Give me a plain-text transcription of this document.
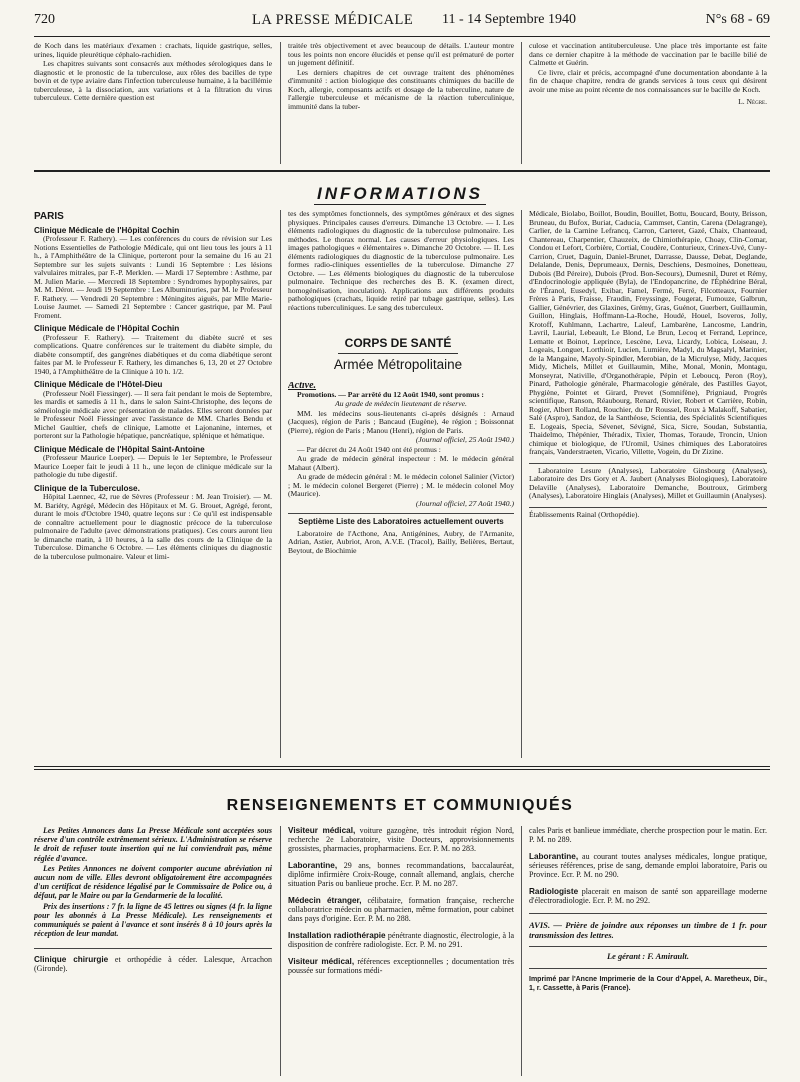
720	LA PRESSE MÉDICALE 11 - 14 Septembre 1940	N°s 68 - 69

de Koch dans les matériaux d'examen : crachats, liquide gastrique, selles, urines, liquide pleurétique céphalo-rachidien.

Les chapitres suivants sont consacrés aux méthodes sérologiques dans le diagnostic et le pronostic de la tuberculose, aux rôles des bacilles de type bovin et de type aviaire dans l'infection tuberculeuse humaine, à la bacillémie tuberculeuse, à la dissociation, aux variations et à la filtration du virus tuberculeux. Cette dernière question est

traitée très objectivement et avec beaucoup de détails. L'auteur montre tous les points non encore élucidés et pense qu'il est prématuré de porter un jugement définitif.

Les derniers chapitres de cet ouvrage traitent des phénomènes d'immunité : action biologique des constituants chimiques du bacille de Koch, allergie, composants actifs et dosage de la tuberculine, nature de l'allergie tuberculeuse et mécanisme de la réaction tuberculinique, immunité dans la tuber-

culose et vaccination antituberculeuse. Une place très importante est faite dans ce dernier chapitre à la méthode de vaccination par le bacille bilié de Calmette et Guérin.

Ce livre, clair et précis, accompagné d'une documentation abondante à la fin de chaque chapitre, rendra de grands services à tous ceux qui désirent avoir une mise au point récente de nos connaissances sur le bacille de Koch.

L. Nègre.

INFORMATIONS
PARIS
Clinique Médicale de l'Hôpital Cochin

(Professeur F. Rathery). — Les conférences du cours de révision sur Les Notions Essentielles de Pathologie Médicale, qui ont lieu tous les jours à 11 h., à l'Amphithéâtre de la Clinique, porteront pour la semaine du 16 au 21 Septembre sur les sujets suivants : Lundi 16 Septembre : Les lésions valvulaires mitrales, par F.-P. Merklen. — Mardi 17 Septembre : Asthme, par M. Julien Marie. — Mercredi 18 Septembre : Syndromes hypophysaires, par M. M. Dérot. — Jeudi 19 Septembre : Les Albuminuries, par M. le Professeur F. Rathery. — Vendredi 20 Septembre : Méningites aiguës, par Mlle Marie-Louise Jaumet. — Samedi 21 Septembre : Cancer gastrique, par M. Paul Froment.

Clinique Médicale de l'Hôpital Cochin

(Professeur F. Rathery). — Traitement du diabète sucré et ses complications. Quatre conférences sur le traitement du diabète simple, du diabète consomptif, des gangrènes diabétiques et du coma diabétique seront faites par M. le Professeur F. Rathery, les dimanches 6, 13, 20 et 27 Octobre 1940, à l'Amphithéâtre de la Clinique à 10 h. 1/2.

Clinique Médicale de l'Hôtel-Dieu

(Professeur Noël Fiessinger). — Il sera fait pendant le mois de Septembre, les mardis et samedis à 11 h., dans le salon Saint-Christophe, des leçons de séméiologie médicale avec présentation de malades. Elles seront données par le Professeur Noël Fiessinger avec l'assistance de MM. Charles Bendu et Michel Gaultier, chefs de clinique, Lamotte et Lajonanine, internes, et porteront sur la Pathologie hépatique, pancréatique, splénique et hématique.

Clinique Médicale de l'Hôpital Saint-Antoine

(Professeur Maurice Loeper). — Depuis le 1er Septembre, le Professeur Maurice Loeper fait le jeudi à 11 h., une leçon de clinique médicale sur la pathologie du tube digestif.

Clinique de la Tuberculose.

Hôpital Laennec, 42, rue de Sèvres (Professeur : M. Jean Troisier). — M. M. Bariéty, Agrégé, Médecin des Hôpitaux et M. G. Brouet, Agrégé, feront, durant le mois d'Octobre 1940, quatre leçons sur : Ce qu'il est indispensable de connaître actuellement pour le diagnostic précoce de la tuberculose pulmonaire de l'adulte (avec démonstrations pratiques). Ces cours auront lieu le dimanche matin, à 10 heures, à la salle des cours de la Clinique de la Tuberculose. Dimanche 6 Octobre. — Les éléments cliniques du diagnostic de la tuberculose pulmonaire. Valeur et limi-

tes des symptômes fonctionnels, des symptômes généraux et des signes physiques. Principales causes d'erreurs. Dimanche 13 Octobre. — I. Les éléments radiologiques du diagnostic de la tuberculose pulmonaire. Les méthodes. Le thorax normal. Les causes d'erreur physiologiques. Les images pathologiques « élémentaires ». Dimanche 20 Octobre. — II. Les éléments radiologiques du diagnostic de la tuberculose pulmonaire. Les formes radio-cliniques essentielles de la tuberculose. Dimanche 27 Octobre. — Les éléments biologiques du diagnostic de la tuberculose pulmonaire. Technique des recherches des B. K. (examen direct, homogénéisation, inoculation). Applications aux différents produits pathologiques (crachats, liquide retiré par tubage gastrique, selles). Les réactions tuberculiniques. Le sang des tuberculeux.

CORPS DE SANTÉ
Armée Métropolitaine
Active.

Promotions. — Par arrêté du 12 Août 1940, sont promus :

Au grade de médecin lieutenant de réserve.

MM. les médecins sous-lieutenants ci-après désignés : Arnaud (Jacques), région de Paris ; Bancaud (Eugène), 4e région ; Boissonnat (Pierre), région de Paris ; Manou (Henri), région de Paris.

(Journal officiel, 25 Août 1940.)

— Par décret du 24 Août 1940 ont été promus :

Au grade de médecin général inspecteur : M. le médecin général Mahaut (Albert).

Au grade de médecin général : M. le médecin colonel Salinier (Victor) ; M. le médecin colonel Bergeret (Pierre) ; M. le médecin colonel Moy (Maurice).

(Journal officiel, 27 Août 1940.)

Septième Liste des Laboratoires actuellement ouverts

Laboratoire de l'Acthone, Ana, Antigénines, Aubry, de l'Armanite, Adrian, Astier, Aubriot, Aron, A.V.E. (Tracol), Bailly, Belières, Bertaut, Beytout, de Biochimie

Médicale, Biolabo, Boillot, Boudin, Bouillet, Bottu, Boucard, Bouty, Brisson, Bruneau, du Bufox, Buriat, Caducia, Cammset, Cantin, Carena (Delagrange), Carlier, de la Carnine Lefrancq, Carron, Carteret, Gazé, Chaix, Chanteaud, Chantereau, Charpentier, Chauzeix, de Chimiothérapie, Choay, Clin-Comar, Condou et Lefort, Corbière, Cortial, Coudère, Conturieux, Crinex-Uvé, Cuny-Carrion, Cruet, Daguin, Daniel-Brunet, Darrasse, Dausse, Debat, Deglande, Delalande, Denis, Deprumeaux, Dernis, Deschiens, Desmoines, Donetteau, Dubois (Bd Péreire), Dubois (Prod. Bon-Secours), Dumesnil, Duret et Rémy, d'Endocrinologie appliquée (Byla), de l'Endopancrine, de l'Éphédrine Béral, de l'Éranol, Eusedyl, Exibar, Famel, Fermé, Ferré, Filcotteaux, Fournier Frères à Paris, Fraisse, Fraudin, Freyssinge, Fougerat, Fumouze, Galbrun, Gallier, Génévrier, des Glaxines, Grémy, Gras, Guénot, Guerbert, Guillaumin, Guillon, Hinglais, Hoffmann-La-Roche, Houdé, Houel, Isoveros, Jolly, Krotoff, Kuhlmann, Lachartre, Laleuf, Lambarène, Lancosme, Landrin, Lavril, Laurial, Lebeault, Le Blond, Le Brun, Lecoq et Ferrand, Leprince, Lematte et Boinot, Leprince, Lescène, Leva, Licardy, Lobica, Loiseau, J. Logeais, Longuet, Lorthioir, Lucien, Lumière, Madyl, du Magsalyl, Marinier, de la Mangaine, Mayoly-Spindler, Merobian, de la Micrulyse, Midy, Jacques Midy, Michels, Millet et Guillaumin, Mihe, Monal, Monin, Montagu, Monseyrat, Nativille, d'Organothérapie, Pépin et Leboucq, Peron (Roy), Pinard, Pathologie générale, Pharmacologie générale, des Pastilles Gayot, Phygiène, Pointet et Girard, Prevet (Somnifène), Prigniaud, Progrès scientifique, Ranson, Réaubourg, Renard, Rivier, Robert et Carrière, Robin, Rogier, Albert Rolland, Rouchier, du Dr Roussel, Roux à Malakoff, Sabatier, Salé (Aspro), Sandoz, de la Santhéose, Scientia, des Spécialités Scientifiques E. Logeais, Specia, Sévenet, Sévigné, Sica, Sicre, Soudan, Substantia, Thaidelmo, Thépénier, Théradix, Tixier, Thomas, Toraude, Troncin, Union chimique et biologique, de l'Uromil, Usines chimiques des Laboratoires français, Vanderstraeten, Vicario, Villette, Vogein, du Dr Zizine.

Laboratoire Lesure (Analyses), Laboratoire Ginsbourg (Analyses), Laboratoire des Drs Gory et A. Jaubert (Analyses Biologiques), Laboratoire Delaville (Analyses), Laboratoire Demanche, Boutroux, Grimberg (Analyses), Laboratoire Hinglais (Analyses), Millet et Guillaumin (Analyses).

Établissements Rainal (Orthopédie).

RENSEIGNEMENTS ET COMMUNIQUÉS

Les Petites Annonces dans La Presse Médicale sont acceptées sous réserve d'un contrôle extrêmement sérieux. L'Administration se réserve le droit de refuser toute insertion qui ne lui conviendrait pas, même réglée d'avance.

Les Petites Annonces ne doivent comporter aucune abréviation ni aucun nom de ville. Elles devront obligatoirement être accompagnées d'un certificat de résidence légalisé par le Commissaire de Police ou, à défaut, par le Maire ou par la Gendarmerie de la localité.

Prix des insertions : 7 fr. la ligne de 45 lettres ou signes (4 fr. la ligne pour les abonnés à La Presse Médicale). Les renseignements et communiqués se paient à l'avance et sont insérés 8 à 10 jours après la réception de leur mandat.

Clinique chirurgie et orthopédie à céder. Lalesque, Arcachon (Gironde).
Visiteur médical, voiture gazogène, très introduit région Nord, recherche 2e Laboratoire, visite Docteurs, approvisionnements grossistes, pharmacies, propharmaciens. Ecr. P. M. no 283.
Laborantine, 29 ans, bonnes recommandations, baccalauréat, diplôme infirmière Croix-Rouge, connaît allemand, anglais, cherche situation Paris ou banlieue proche. Ecr. P. M. no 287.
Médecin étranger, célibataire, formation française, recherche collaboratrice médecin ou pharmacien, même formation, pour cabinet dans pays d'origine. Ecr. P. M. no 288.
Installation radiothérapie pénétrante diagnostic, électrologie, à la disposition de confrère radiologiste. Ecr. P. M. no 291.
Visiteur médical, références exceptionnelles ; documentation très poussée sur formations médi-
cales Paris et banlieue immédiate, cherche prospection pour le matin. Ecr. P. M. no 289.
Laborantine, au courant toutes analyses médicales, longue pratique, sérieuses références, prise de sang, demande emploi laboratoire, Paris ou Province. Ecr. P. M. no 290.
Radiologiste placerait en maison de santé son appareillage moderne d'électroradiologie. Ecr. P. M. no 292.

AVIS. — Prière de joindre aux réponses un timbre de 1 fr. pour transmission des lettres.

Le gérant : F. Amirault.

Imprimé par l'Ancne Imprimerie de la Cour d'Appel, A. Maretheux, Dir., 1, r. Cassette, à Paris (France).
